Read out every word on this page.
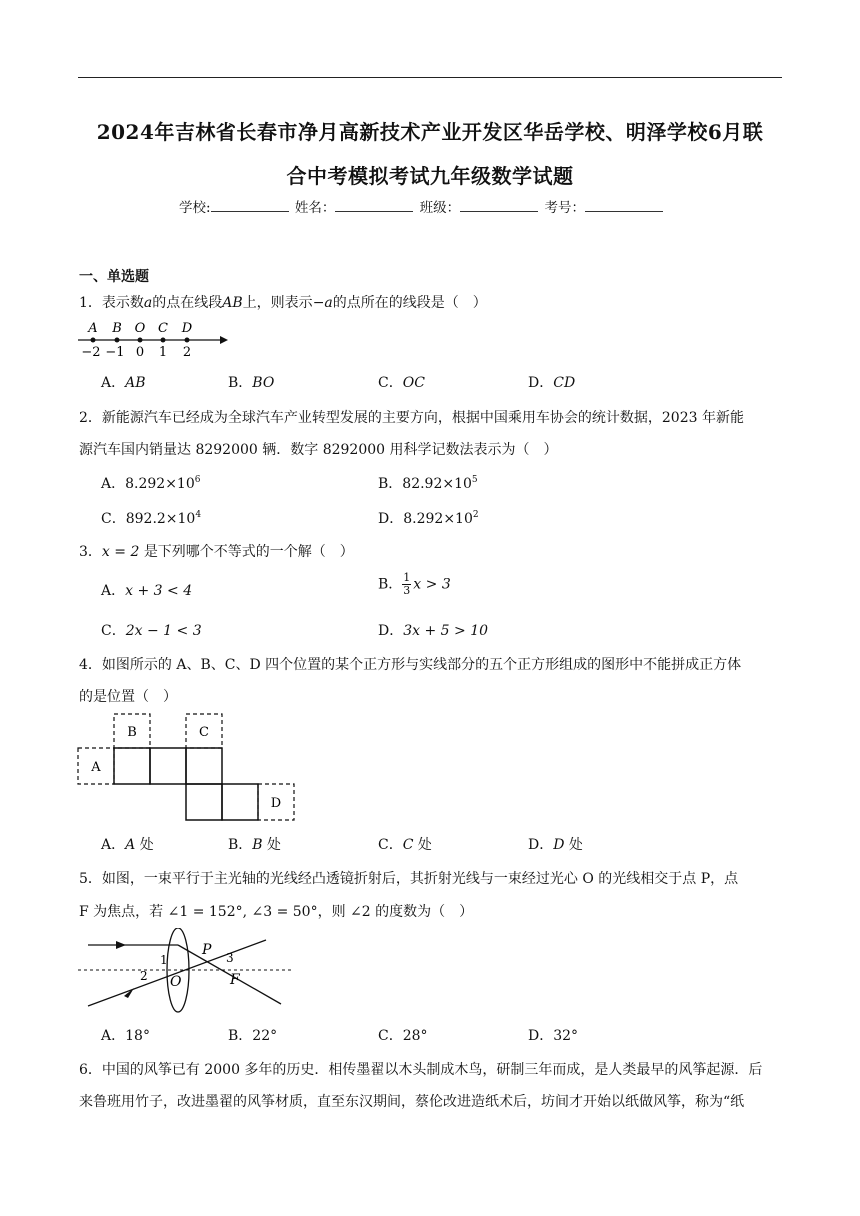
2024年吉林省长春市净月高新技术产业开发区华岳学校、明泽学校6月联
合中考模拟考试九年级数学试题
学校:	姓名：	班级：	考号：
一、单选题
1．表示数a的点在线段AB上，则表示−a的点所在的线段是（　）
A B O C D
−2 −1 0 1 2
A．AB	B．BO	C．OC	D．CD
2．新能源汽车已经成为全球汽车产业转型发展的主要方向，根据中国乘用车协会的统计数据，2023 年新能
源汽车国内销量达 8292000 辆．数字 8292000 用科学记数法表示为（　）
A．$8.292\times 10^6$	B．$82.92\times 10^5$
C．$892.2\times 10^4$	D．$8.292\times 10^2$
3．x = 2 是下列哪个不等式的一个解（　）
A．x + 3 < 4	B． $\frac{1}{3}$ x > 3
C．2x − 1 < 3	D．3x + 5 > 10
4．如图所示的 A、B、C、D 四个位置的某个正方形与实线部分的五个正方形组成的图形中不能拼成正方体
的是位置（　）
A
B	C
D
A．A 处	B．B 处	C．C 处	D．D 处
5．如图，一束平行于主光轴的光线经凸透镜折射后，其折射光线与一束经过光心 O 的光线相交于点 P，点
F 为焦点，若 ∠1 = 152°, ∠3 = 50°，则 ∠2 的度数为（　）
1
2
3
P
O	F
A．18°	B．22°	C．28°	D．32°
6．中国的风筝已有 2000 多年的历史．相传墨翟以木头制成木鸟，研制三年而成，是人类最早的风筝起源．后
来鲁班用竹子，改进墨翟的风筝材质，直至东汉期间，蔡伦改进造纸术后，坊间才开始以纸做风筝，称为“纸
